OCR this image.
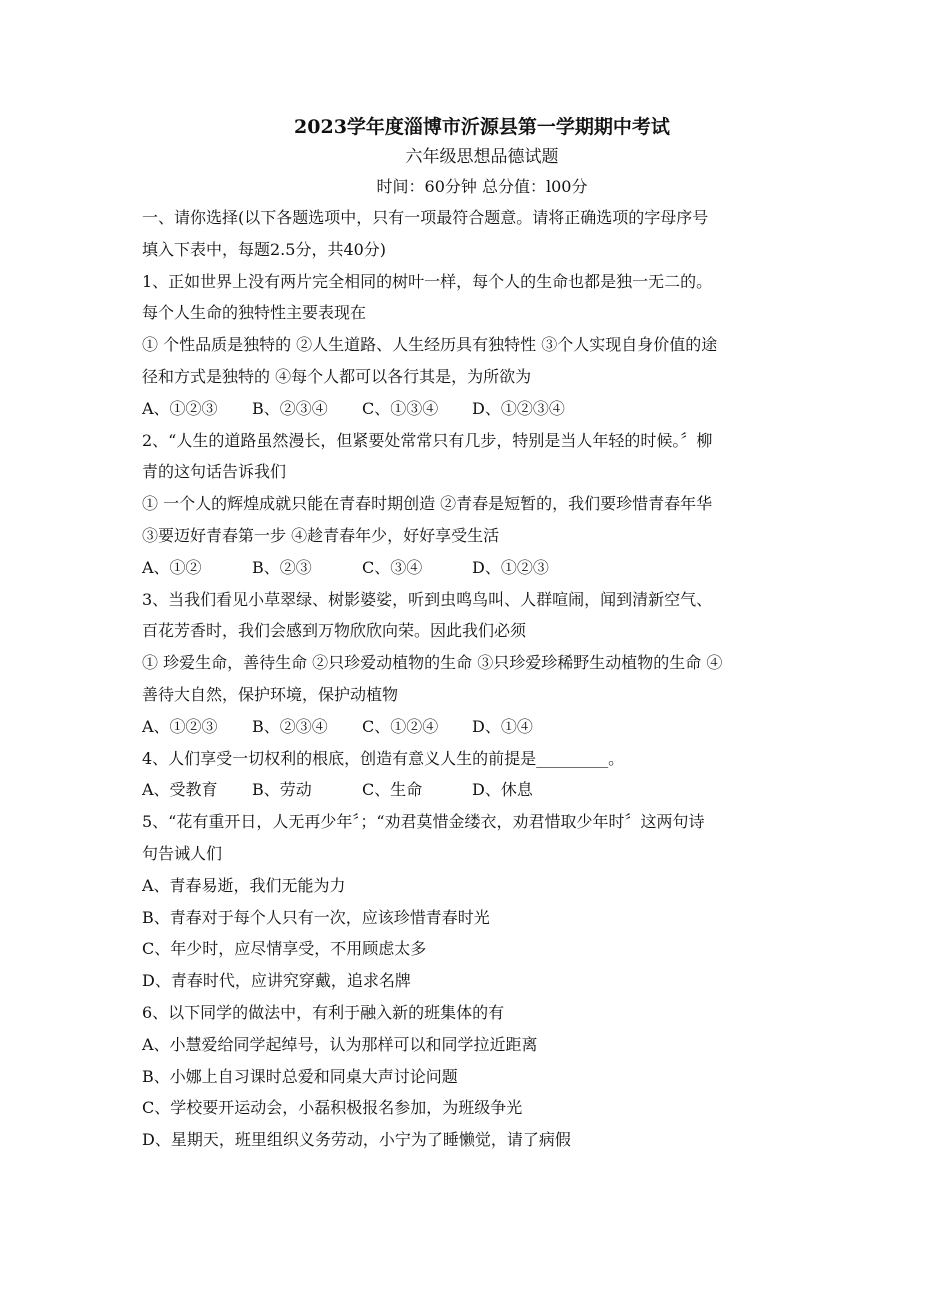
2023学年度淄博市沂源县第一学期期中考试
六年级思想品德试题
时间：60分钟 总分值：l00分
一、请你选择(以下各题选项中，只有一项最符合题意。请将正确选项的字母序号
填入下表中，每题2.5分，共40分)
1、正如世界上没有两片完全相同的树叶一样，每个人的生命也都是独一无二的。
每个人生命的独特性主要表现在
① 个性品质是独特的 ②人生道路、人生经历具有独特性 ③个人实现自身价值的途
径和方式是独特的 ④每个人都可以各行其是，为所欲为
A、①②③	B、②③④	C、①③④	D、①②③④
2、“人生的道路虽然漫长，但紧要处常常只有几步，特别是当人年轻的时候。〞柳
青的这句话告诉我们
① 一个人的辉煌成就只能在青春时期创造 ②青春是短暂的，我们要珍惜青春年华
③要迈好青春第一步 ④趁青春年少，好好享受生活
A、①②	B、②③	C、③④	D、①②③
3、当我们看见小草翠绿、树影婆娑，听到虫鸣鸟叫、人群喧闹，闻到清新空气、
百花芳香时，我们会感到万物欣欣向荣。因此我们必须
① 珍爱生命，善待生命 ②只珍爱动植物的生命 ③只珍爱珍稀野生动植物的生命 ④
善待大自然，保护环境，保护动植物
A、①②③	B、②③④	C、①②④	D、①④
4、人们享受一切权利的根底，创造有意义人生的前提是_________。
A、受教育	B、劳动	C、生命	D、休息
5、“花有重开日，人无再少年〞；“劝君莫惜金缕衣，劝君惜取少年时〞这两句诗
句告诫人们
A、青春易逝，我们无能为力
B、青春对于每个人只有一次，应该珍惜青春时光
C、年少时，应尽情享受，不用顾虑太多
D、青春时代，应讲究穿戴，追求名牌
6、以下同学的做法中，有利于融入新的班集体的有
A、小慧爱给同学起绰号，认为那样可以和同学拉近距离
B、小娜上自习课时总爱和同桌大声讨论问题
C、学校要开运动会，小磊积极报名参加，为班级争光
D、星期天，班里组织义务劳动，小宁为了睡懒觉，请了病假
